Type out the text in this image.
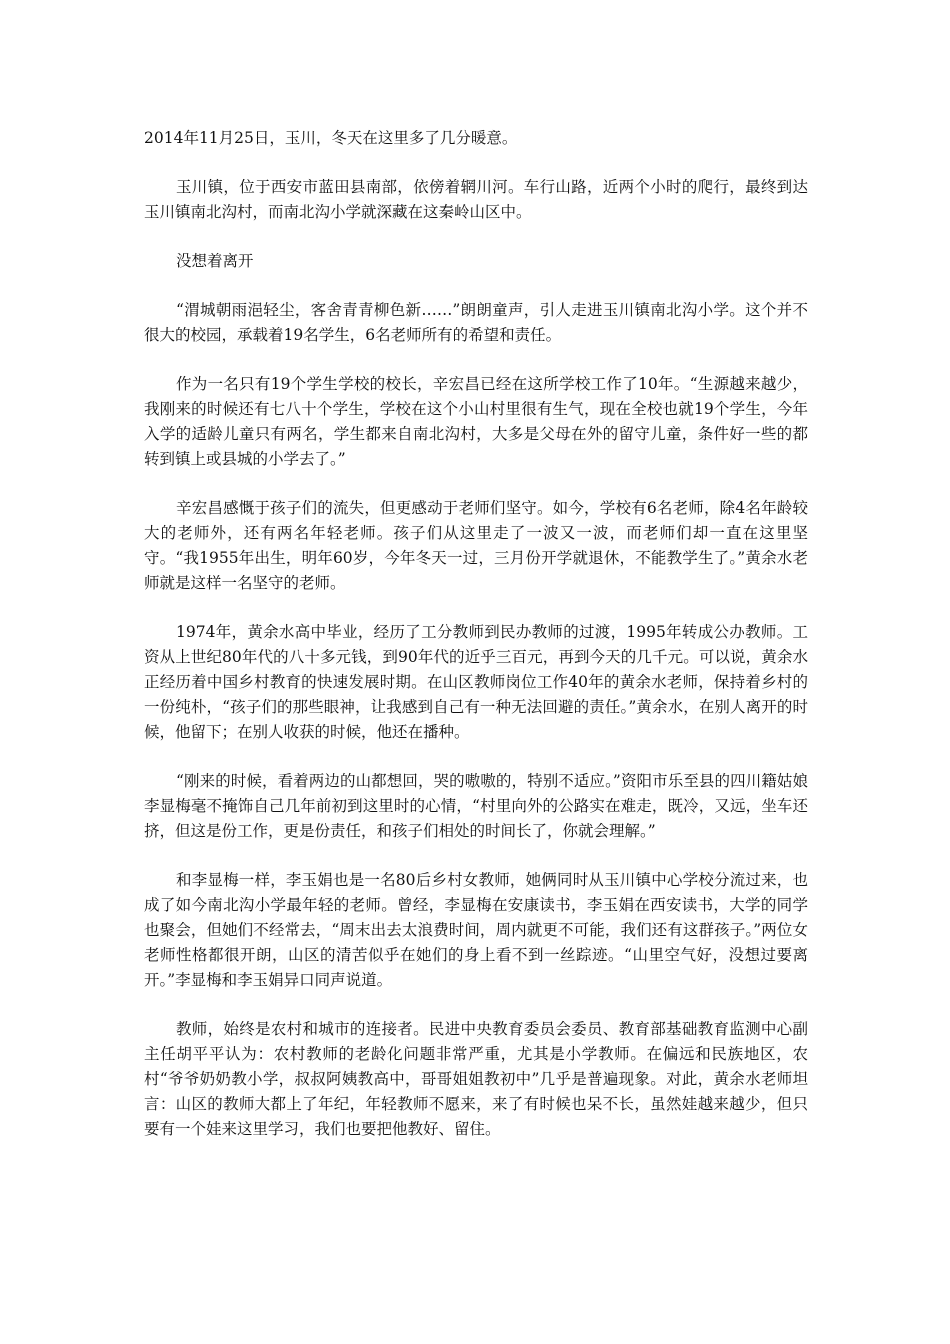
2014年11月25日，玉川，冬天在这里多了几分暖意。

玉川镇，位于西安市蓝田县南部，依傍着辋川河。车行山路，近两个小时的爬行，最终到达玉川镇南北沟村，而南北沟小学就深藏在这秦岭山区中。

没想着离开

“渭城朝雨浥轻尘，客舍青青柳色新……”朗朗童声，引人走进玉川镇南北沟小学。这个并不很大的校园，承载着19名学生，6名老师所有的希望和责任。

作为一名只有19个学生学校的校长，辛宏昌已经在这所学校工作了10年。“生源越来越少，我刚来的时候还有七八十个学生，学校在这个小山村里很有生气，现在全校也就19个学生，今年入学的适龄儿童只有两名，学生都来自南北沟村，大多是父母在外的留守儿童，条件好一些的都转到镇上或县城的小学去了。”

辛宏昌感慨于孩子们的流失，但更感动于老师们坚守。如今，学校有6名老师，除4名年龄较大的老师外，还有两名年轻老师。孩子们从这里走了一波又一波，而老师们却一直在这里坚守。“我1955年出生，明年60岁，今年冬天一过，三月份开学就退休，不能教学生了。”黄余水老师就是这样一名坚守的老师。

1974年，黄余水高中毕业，经历了工分教师到民办教师的过渡，1995年转成公办教师。工资从上世纪80年代的八十多元钱，到90年代的近乎三百元，再到今天的几千元。可以说，黄余水正经历着中国乡村教育的快速发展时期。在山区教师岗位工作40年的黄余水老师，保持着乡村的一份纯朴，“孩子们的那些眼神，让我感到自己有一种无法回避的责任。”黄余水，在别人离开的时候，他留下；在别人收获的时候，他还在播种。

“刚来的时候，看着两边的山都想回，哭的嗷嗷的，特别不适应。”资阳市乐至县的四川籍姑娘李显梅毫不掩饰自己几年前初到这里时的心情，“村里向外的公路实在难走，既冷，又远，坐车还挤，但这是份工作，更是份责任，和孩子们相处的时间长了，你就会理解。”

和李显梅一样，李玉娟也是一名80后乡村女教师，她俩同时从玉川镇中心学校分流过来，也成了如今南北沟小学最年轻的老师。曾经，李显梅在安康读书，李玉娟在西安读书，大学的同学也聚会，但她们不经常去，“周末出去太浪费时间，周内就更不可能，我们还有这群孩子。”两位女老师性格都很开朗，山区的清苦似乎在她们的身上看不到一丝踪迹。“山里空气好，没想过要离开。”李显梅和李玉娟异口同声说道。

教师，始终是农村和城市的连接者。民进中央教育委员会委员、教育部基础教育监测中心副主任胡平平认为：农村教师的老龄化问题非常严重，尤其是小学教师。在偏远和民族地区，农村“爷爷奶奶教小学，叔叔阿姨教高中，哥哥姐姐教初中”几乎是普遍现象。对此，黄余水老师坦言：山区的教师大都上了年纪，年轻教师不愿来，来了有时候也呆不长，虽然娃越来越少，但只要有一个娃来这里学习，我们也要把他教好、留住。
